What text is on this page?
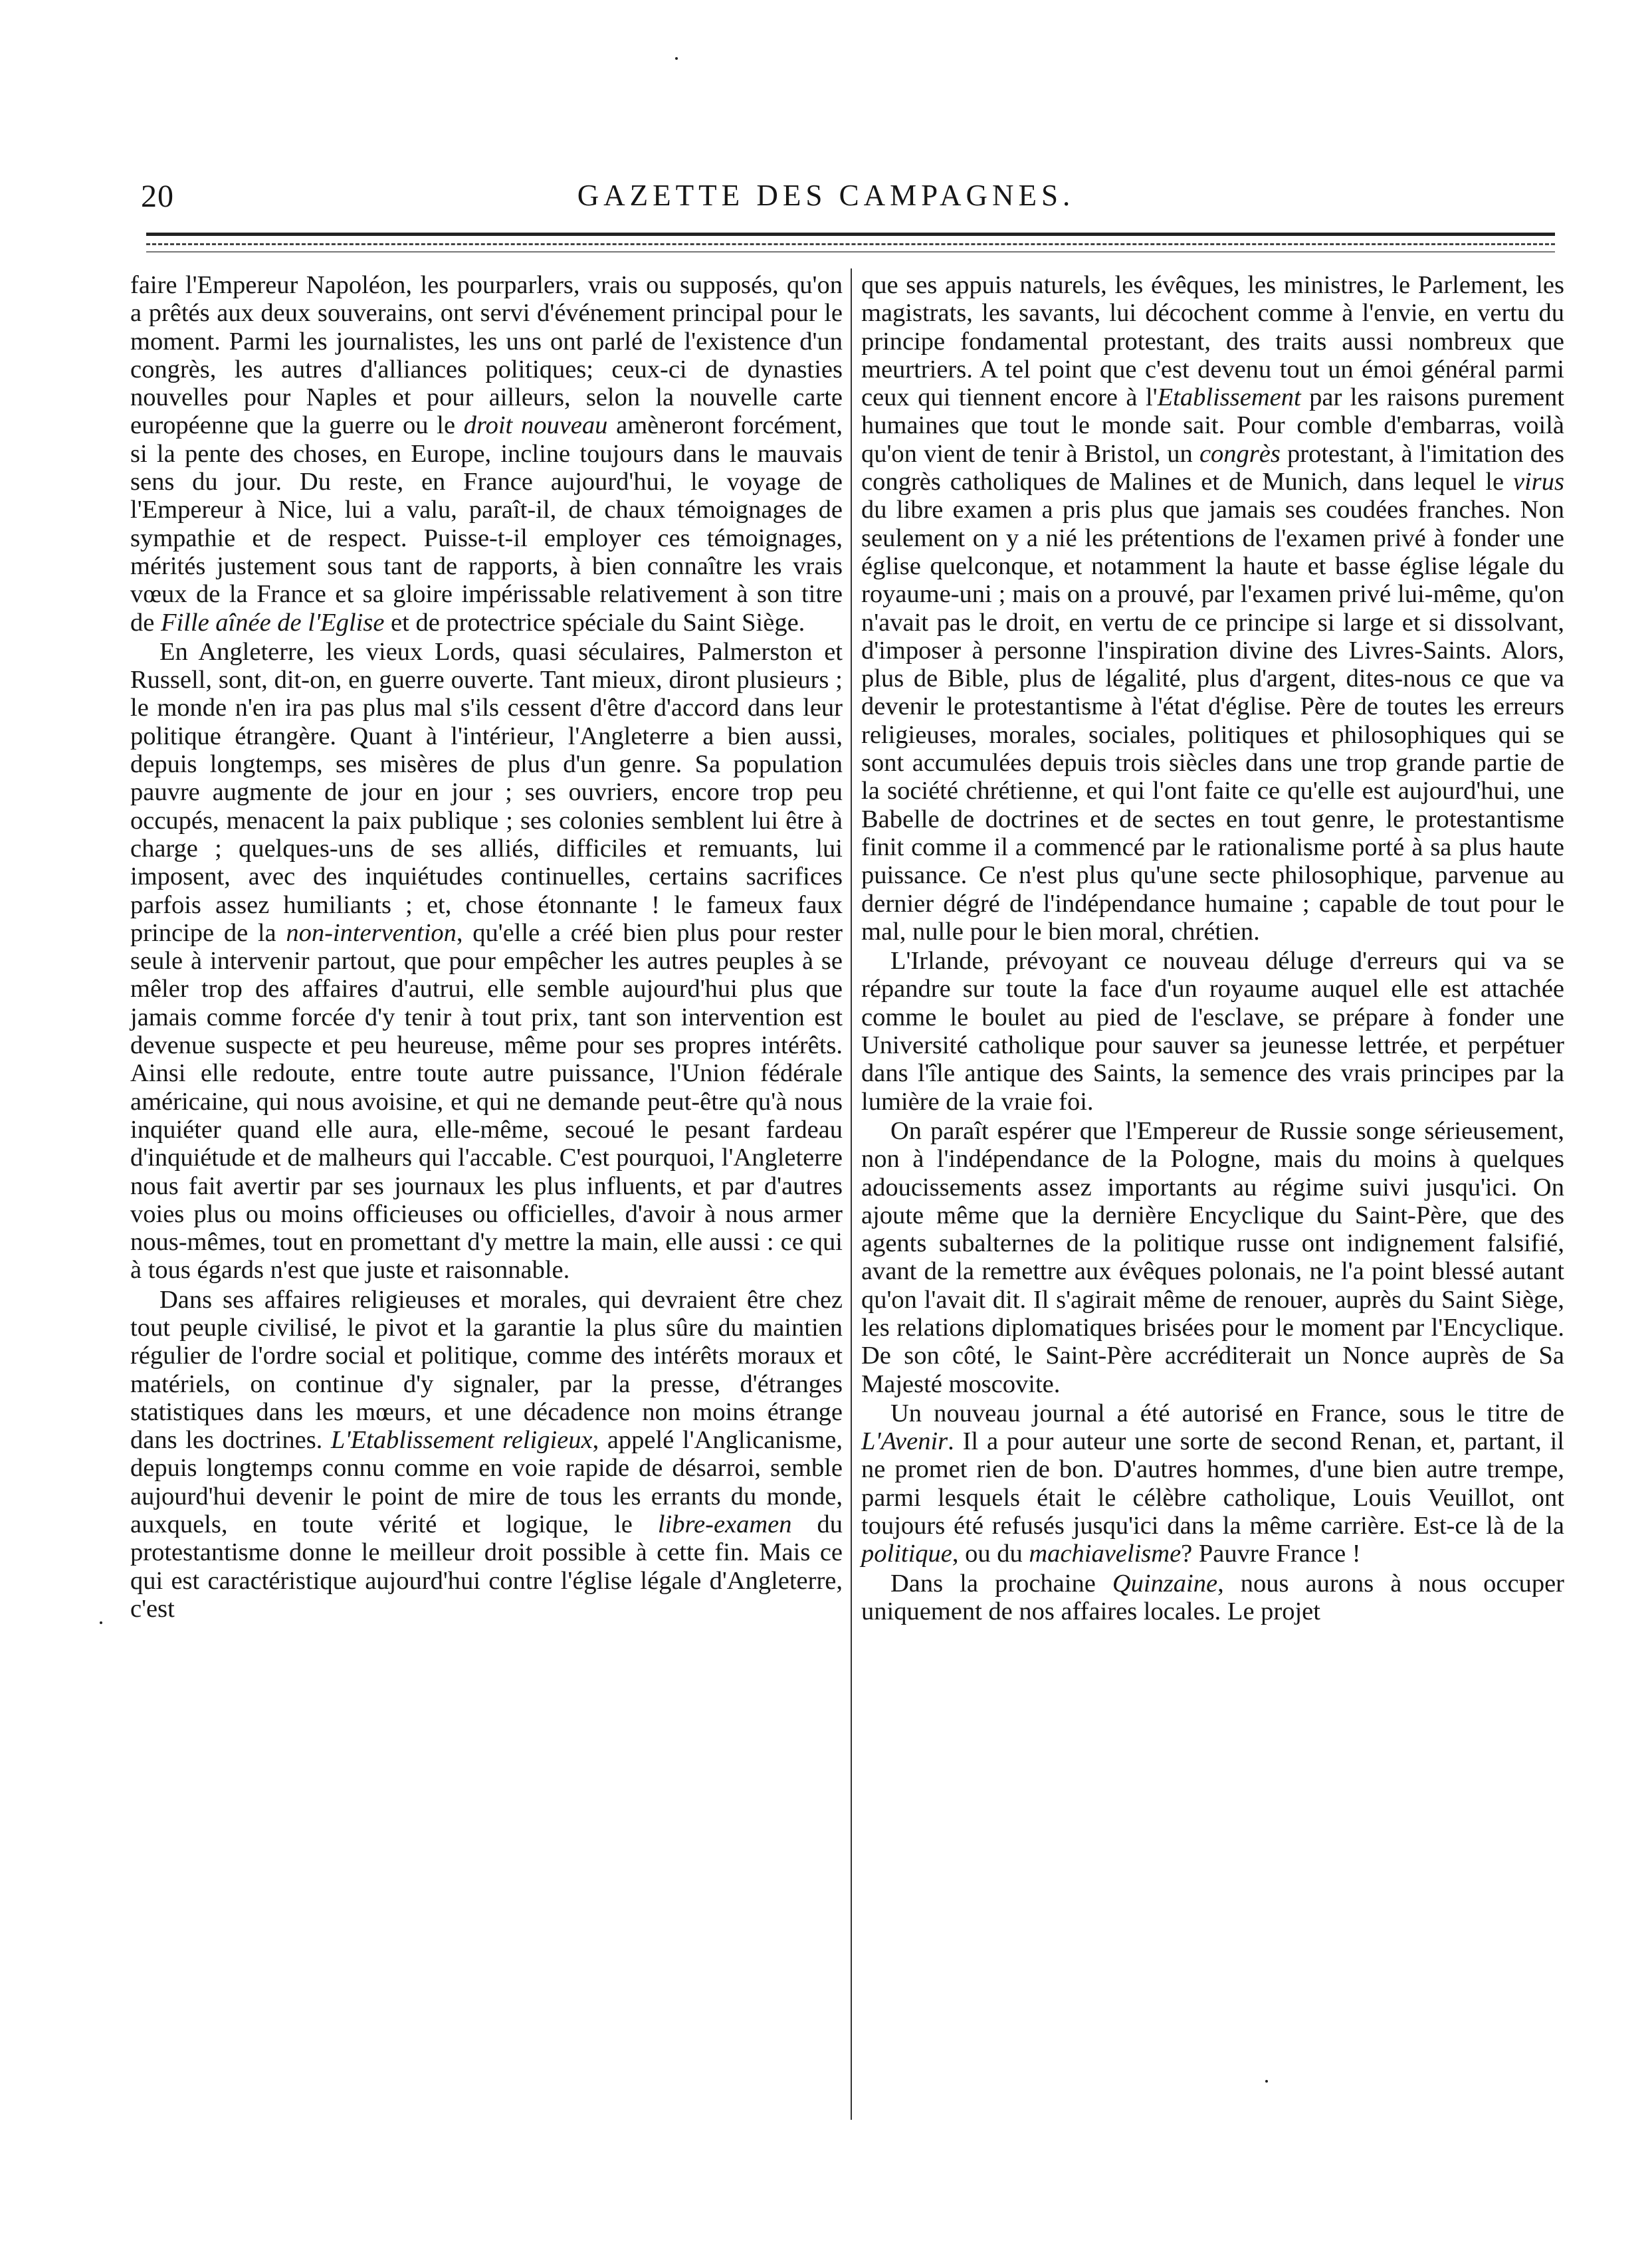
20	GAZETTE DES CAMPAGNES.

faire l'Empereur Napoléon, les pourparlers, vrais ou supposés, qu'on a prêtés aux deux souverains, ont servi d'événement principal pour le moment. Parmi les journalistes, les uns ont parlé de l'existence d'un congrès, les autres d'alliances politiques; ceux-ci de dynasties nouvelles pour Naples et pour ailleurs, selon la nouvelle carte européenne que la guerre ou le droit nouveau amèneront forcément, si la pente des choses, en Europe, incline toujours dans le mauvais sens du jour. Du reste, en France aujourd'hui, le voyage de l'Empereur à Nice, lui a valu, paraît-il, de chaux témoignages de sympathie et de respect. Puisse-t-il employer ces témoignages, mérités justement sous tant de rapports, à bien connaître les vrais vœux de la France et sa gloire impérissable relativement à son titre de Fille aînée de l'Eglise et de protectrice spéciale du Saint Siège.

En Angleterre, les vieux Lords, quasi séculaires, Palmerston et Russell, sont, dit-on, en guerre ouverte. Tant mieux, diront plusieurs ; le monde n'en ira pas plus mal s'ils cessent d'être d'accord dans leur politique étrangère. Quant à l'intérieur, l'Angleterre a bien aussi, depuis longtemps, ses misères de plus d'un genre. Sa population pauvre augmente de jour en jour ; ses ouvriers, encore trop peu occupés, menacent la paix publique ; ses colonies semblent lui être à charge ; quelques-uns de ses alliés, difficiles et remuants, lui imposent, avec des inquiétudes continuelles, certains sacrifices parfois assez humiliants ; et, chose étonnante ! le fameux faux principe de la non-intervention, qu'elle a créé bien plus pour rester seule à intervenir partout, que pour empêcher les autres peuples à se mêler trop des affaires d'autrui, elle semble aujourd'hui plus que jamais comme forcée d'y tenir à tout prix, tant son intervention est devenue suspecte et peu heureuse, même pour ses propres intérêts. Ainsi elle redoute, entre toute autre puissance, l'Union fédérale américaine, qui nous avoisine, et qui ne demande peut-être qu'à nous inquiéter quand elle aura, elle-même, secoué le pesant fardeau d'inquiétude et de malheurs qui l'accable. C'est pourquoi, l'Angleterre nous fait avertir par ses journaux les plus influents, et par d'autres voies plus ou moins officieuses ou officielles, d'avoir à nous armer nous-mêmes, tout en promettant d'y mettre la main, elle aussi : ce qui à tous égards n'est que juste et raisonnable.

Dans ses affaires religieuses et morales, qui devraient être chez tout peuple civilisé, le pivot et la garantie la plus sûre du maintien régulier de l'ordre social et politique, comme des intérêts moraux et matériels, on continue d'y signaler, par la presse, d'étranges statistiques dans les mœurs, et une décadence non moins étrange dans les doctrines. L'Etablissement religieux, appelé l'Anglicanisme, depuis longtemps connu comme en voie rapide de désarroi, semble aujourd'hui devenir le point de mire de tous les errants du monde, auxquels, en toute vérité et logique, le libre-examen du protestantisme donne le meilleur droit possible à cette fin. Mais ce qui est caractéristique aujourd'hui contre l'église légale d'Angleterre, c'est

que ses appuis naturels, les évêques, les ministres, le Parlement, les magistrats, les savants, lui décochent comme à l'envie, en vertu du principe fondamental protestant, des traits aussi nombreux que meurtriers. A tel point que c'est devenu tout un émoi général parmi ceux qui tiennent encore à l'Etablissement par les raisons purement humaines que tout le monde sait. Pour comble d'embarras, voilà qu'on vient de tenir à Bristol, un congrès protestant, à l'imitation des congrès catholiques de Malines et de Munich, dans lequel le virus du libre examen a pris plus que jamais ses coudées franches. Non seulement on y a nié les prétentions de l'examen privé à fonder une église quelconque, et notamment la haute et basse église légale du royaume-uni ; mais on a prouvé, par l'examen privé lui-même, qu'on n'avait pas le droit, en vertu de ce principe si large et si dissolvant, d'imposer à personne l'inspiration divine des Livres-Saints. Alors, plus de Bible, plus de légalité, plus d'argent, dites-nous ce que va devenir le protestantisme à l'état d'église. Père de toutes les erreurs religieuses, morales, sociales, politiques et philosophiques qui se sont accumulées depuis trois siècles dans une trop grande partie de la société chrétienne, et qui l'ont faite ce qu'elle est aujourd'hui, une Babelle de doctrines et de sectes en tout genre, le protestantisme finit comme il a commencé par le rationalisme porté à sa plus haute puissance. Ce n'est plus qu'une secte philosophique, parvenue au dernier dégré de l'indépendance humaine ; capable de tout pour le mal, nulle pour le bien moral, chrétien.

L'Irlande, prévoyant ce nouveau déluge d'erreurs qui va se répandre sur toute la face d'un royaume auquel elle est attachée comme le boulet au pied de l'esclave, se prépare à fonder une Université catholique pour sauver sa jeunesse lettrée, et perpétuer dans l'île antique des Saints, la semence des vrais principes par la lumière de la vraie foi.

On paraît espérer que l'Empereur de Russie songe sérieusement, non à l'indépendance de la Pologne, mais du moins à quelques adoucissements assez importants au régime suivi jusqu'ici. On ajoute même que la dernière Encyclique du Saint-Père, que des agents subalternes de la politique russe ont indignement falsifié, avant de la remettre aux évêques polonais, ne l'a point blessé autant qu'on l'avait dit. Il s'agirait même de renouer, auprès du Saint Siège, les relations diplomatiques brisées pour le moment par l'Encyclique. De son côté, le Saint-Père accréditerait un Nonce auprès de Sa Majesté moscovite.

Un nouveau journal a été autorisé en France, sous le titre de L'Avenir. Il a pour auteur une sorte de second Renan, et, partant, il ne promet rien de bon. D'autres hommes, d'une bien autre trempe, parmi lesquels était le célèbre catholique, Louis Veuillot, ont toujours été refusés jusqu'ici dans la même carrière. Est-ce là de la politique, ou du machiavelisme? Pauvre France !

Dans la prochaine Quinzaine, nous aurons à nous occuper uniquement de nos affaires locales. Le projet
